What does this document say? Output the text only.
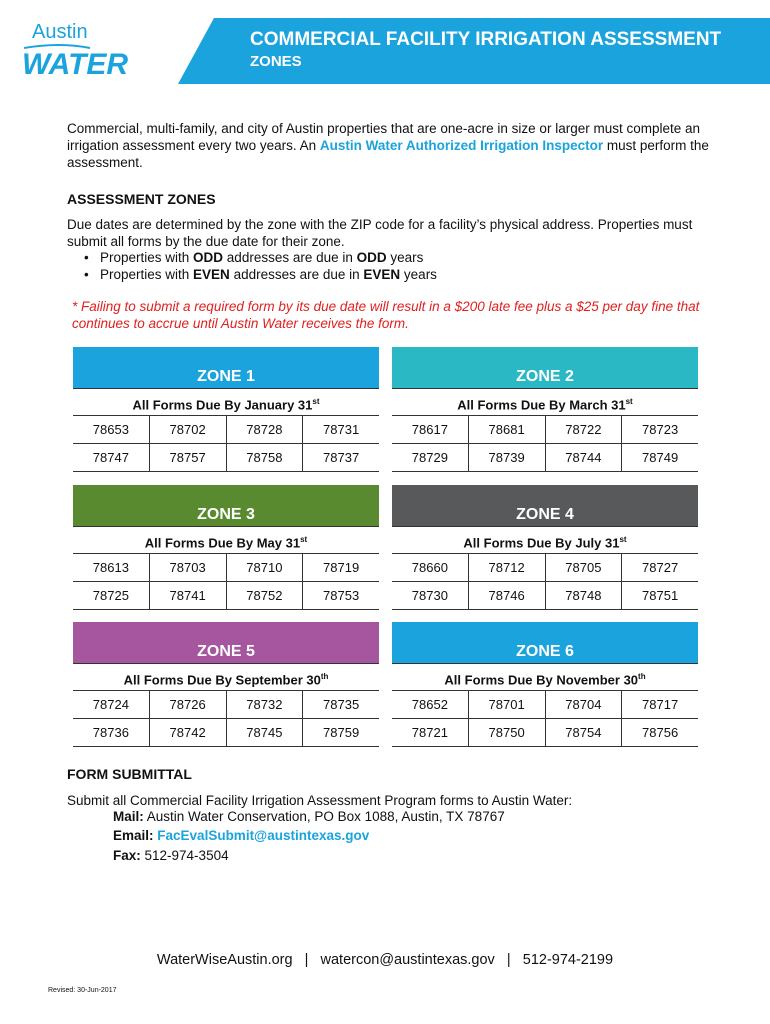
Austin
WATER
COMMERCIAL FACILITY IRRIGATION ASSESSMENT
ZONES
Commercial, multi-family, and city of Austin properties that are one-acre in size or larger must complete an irrigation assessment every two years. An Austin Water Authorized Irrigation Inspector must perform the assessment.
ASSESSMENT ZONES
Due dates are determined by the zone with the ZIP code for a facility’s physical address. Properties must submit all forms by the due date for their zone.
• Properties with ODD addresses are due in ODD years
• Properties with EVEN addresses are due in EVEN years
* Failing to submit a required form by its due date will result in a $200 late fee plus a $25 per day fine that continues to accrue until Austin Water receives the form.
ZONE 1
All Forms Due By January 31st
78653	78702	78728	78731
78747	78757	78758	78737
ZONE 2
All Forms Due By March 31st
78617	78681	78722	78723
78729	78739	78744	78749
ZONE 3
All Forms Due By May 31st
78613	78703	78710	78719
78725	78741	78752	78753
ZONE 4
All Forms Due By July 31st
78660	78712	78705	78727
78730	78746	78748	78751
ZONE 5
All Forms Due By September 30th
78724	78726	78732	78735
78736	78742	78745	78759
ZONE 6
All Forms Due By November 30th
78652	78701	78704	78717
78721	78750	78754	78756
FORM SUBMITTAL
Submit all Commercial Facility Irrigation Assessment Program forms to Austin Water:
Mail: Austin Water Conservation, PO Box 1088, Austin, TX 78767
Email: FacEvalSubmit@austintexas.gov
Fax: 512-974-3504
WaterWiseAustin.org   |   watercon@austintexas.gov   |   512-974-2199
Revised: 30-Jun-2017
